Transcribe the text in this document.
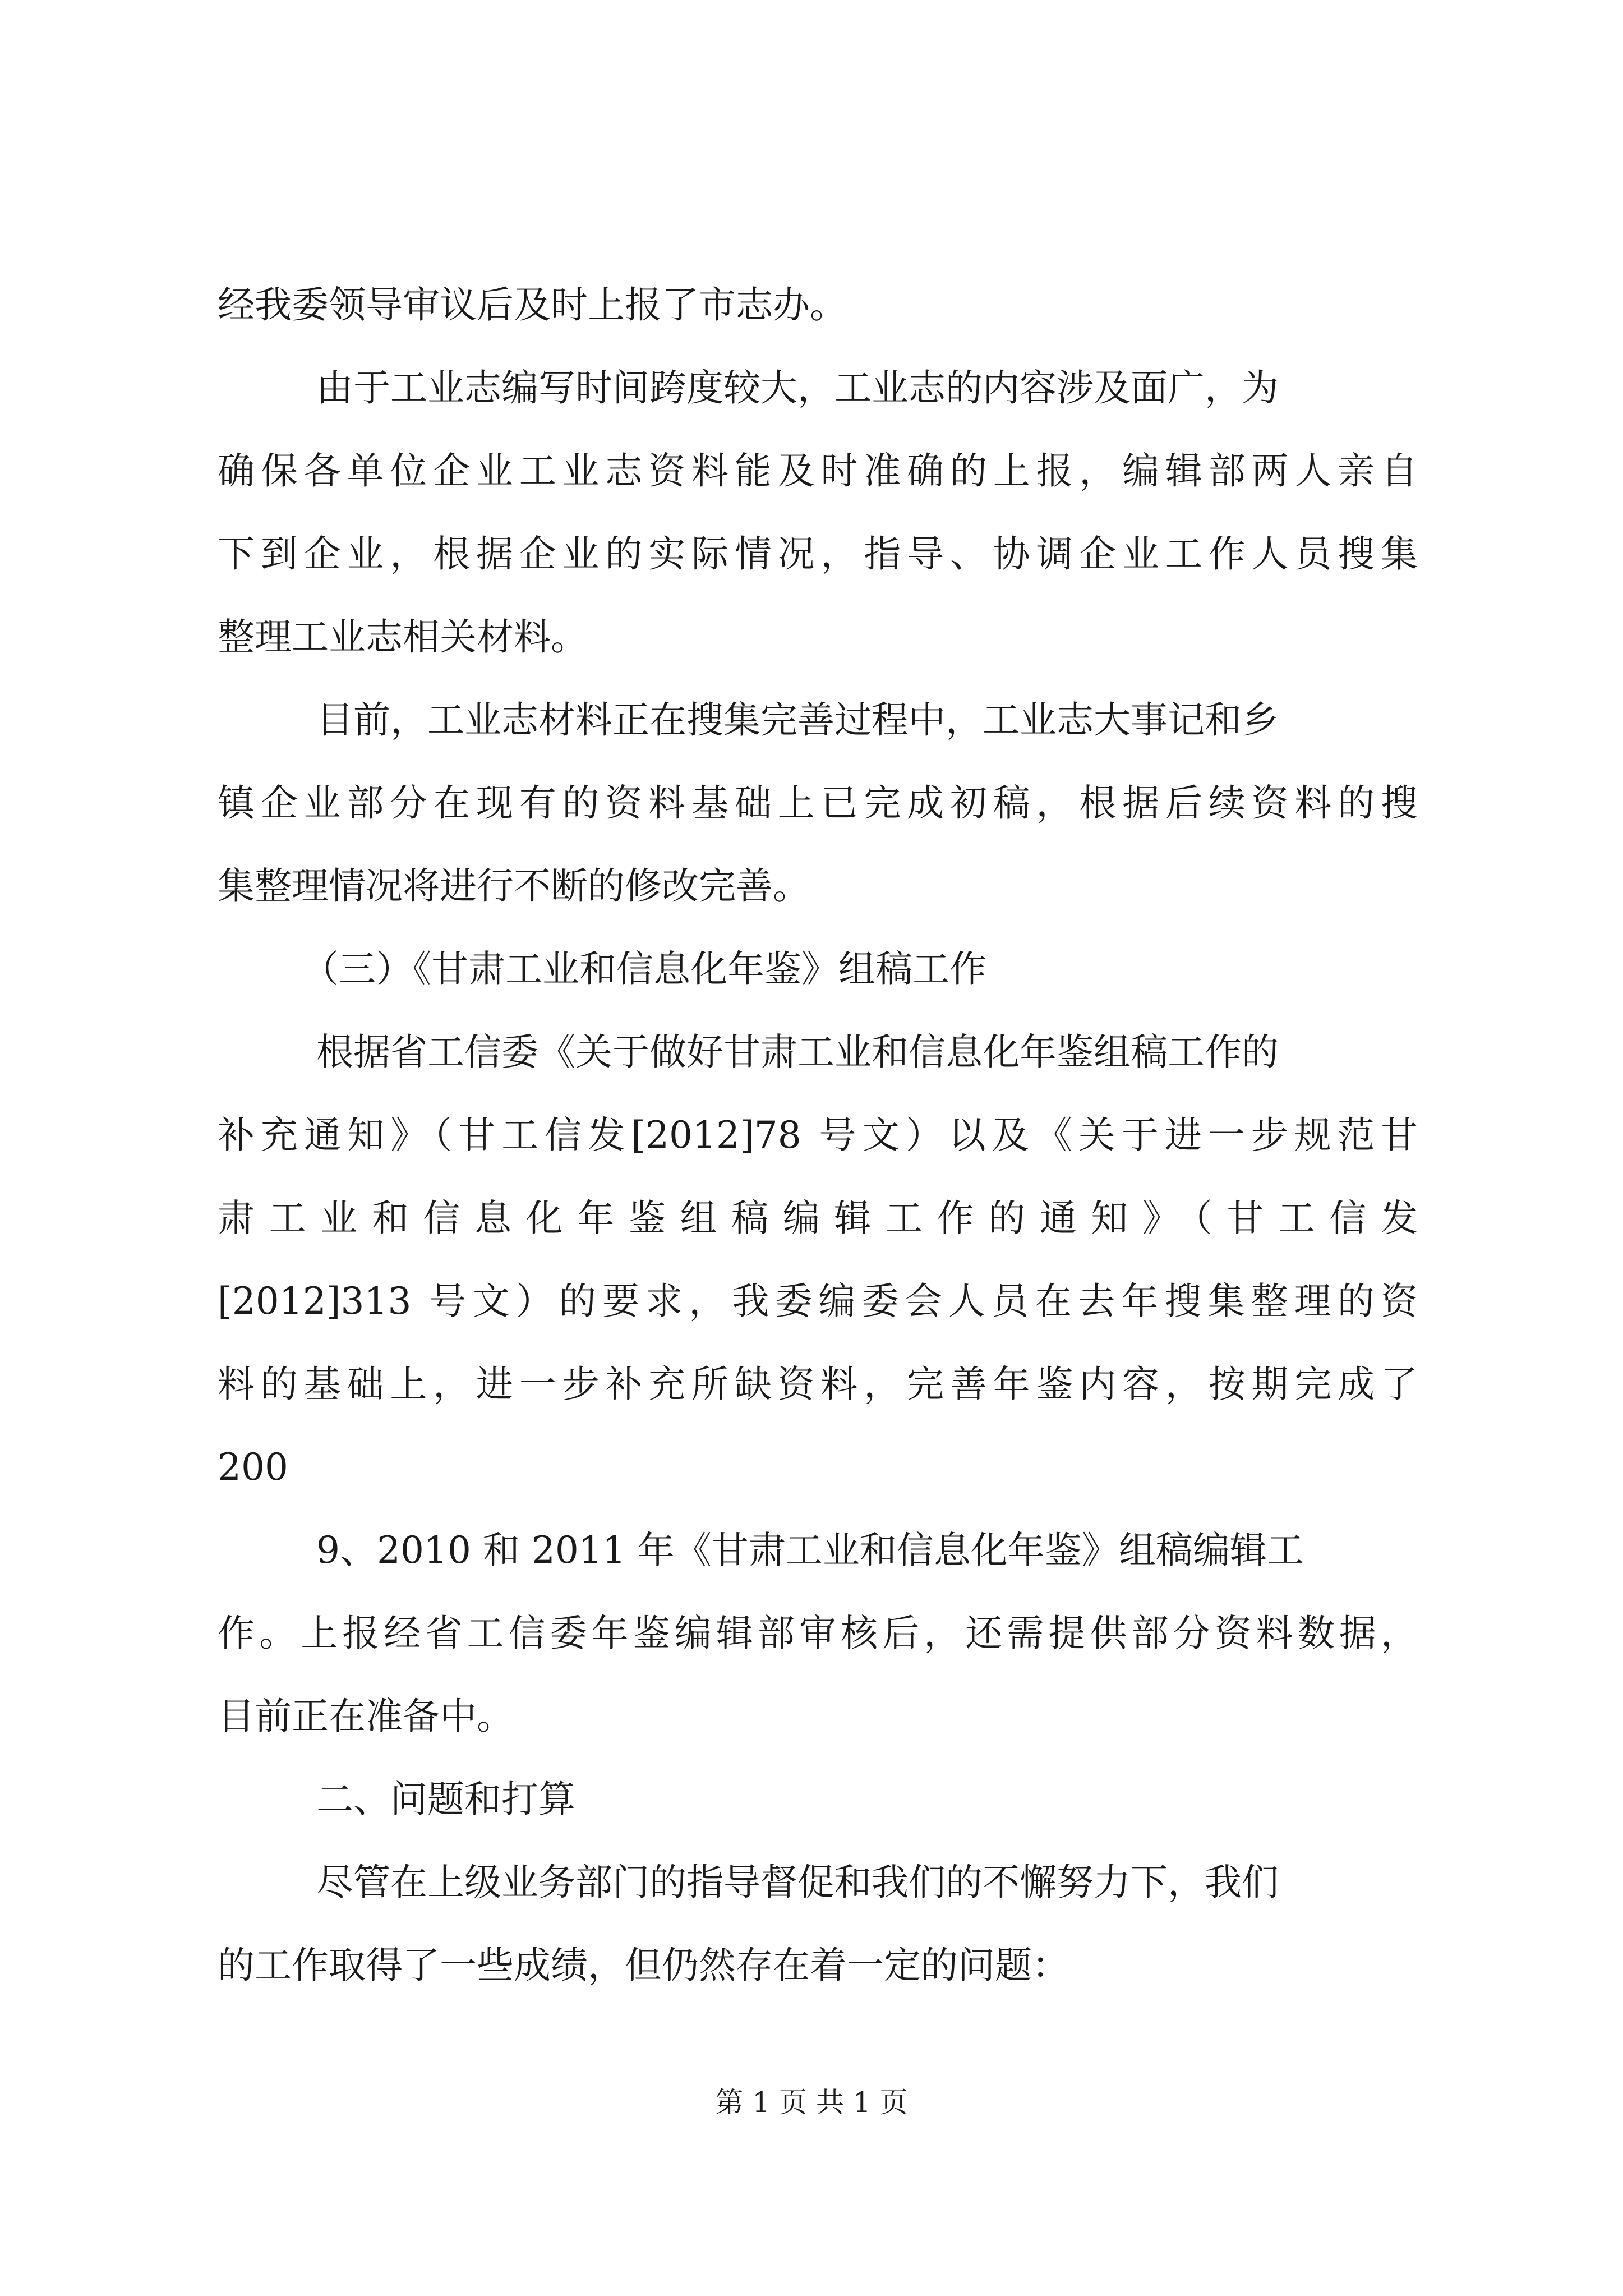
经我委领导审议后及时上报了市志办。
由于工业志编写时间跨度较大，工业志的内容涉及面广，为
确保各单位企业工业志资料能及时准确的上报，编辑部两人亲自
下到企业，根据企业的实际情况，指导、协调企业工作人员搜集
整理工业志相关材料。
目前，工业志材料正在搜集完善过程中，工业志大事记和乡
镇企业部分在现有的资料基础上已完成初稿，根据后续资料的搜
集整理情况将进行不断的修改完善。
（三）《甘肃工业和信息化年鉴》组稿工作
根据省工信委《关于做好甘肃工业和信息化年鉴组稿工作的
补充通知》（甘工信发[2012]78 号文）以及《关于进一步规范甘
肃工业和信息化年鉴组稿编辑工作的通知》（甘工信发
[2012]313 号文）的要求，我委编委会人员在去年搜集整理的资
料的基础上，进一步补充所缺资料，完善年鉴内容，按期完成了
200
9、2010 和 2011 年《甘肃工业和信息化年鉴》组稿编辑工
作。上报经省工信委年鉴编辑部审核后，还需提供部分资料数据，
目前正在准备中。
二、问题和打算
尽管在上级业务部门的指导督促和我们的不懈努力下，我们
的工作取得了一些成绩，但仍然存在着一定的问题：
第 1 页 共 1 页
